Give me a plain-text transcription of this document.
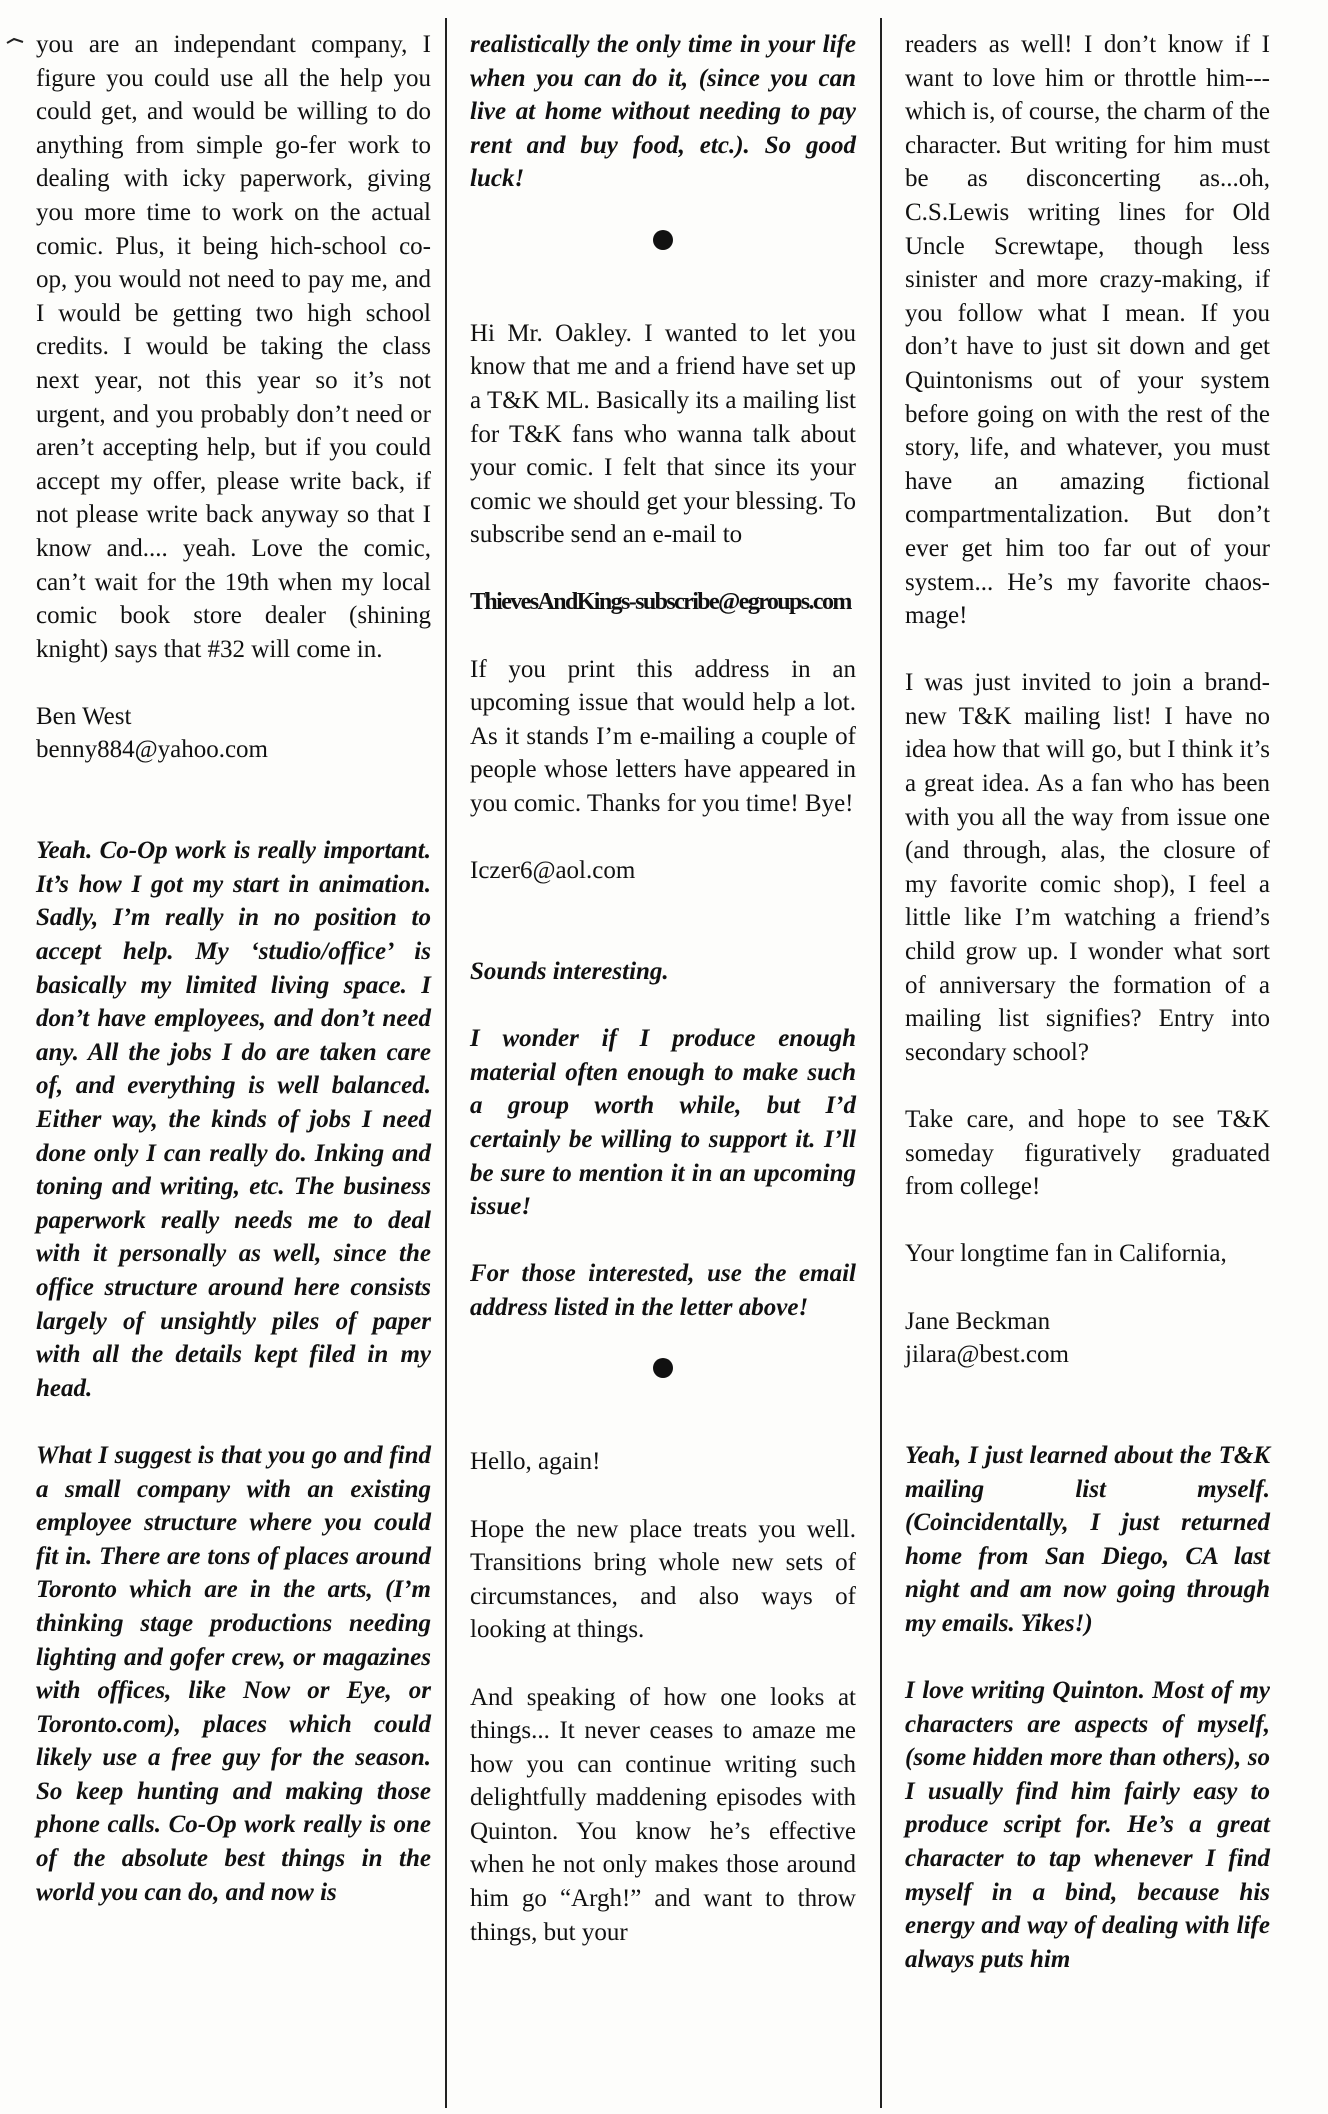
you are an independant company, I figure you could use all the help you could get, and would be willing to do anything from simple go-fer work to dealing with icky paperwork, giving you more time to work on the actual comic. Plus, it being hich-school co-op, you would not need to pay me, and I would be getting two high school credits. I would be taking the class next year, not this year so it’s not urgent, and you probably don’t need or aren’t accepting help, but if you could accept my offer, please write back, if not please write back anyway so that I know and.... yeah. Love the comic, can’t wait for the 19th when my local comic book store dealer (shining knight) says that #32 will come in.

Ben West

benny884@yahoo.com

Yeah. Co-Op work is really important. It’s how I got my start in animation. Sadly, I’m really in no position to accept help. My ‘studio/office’ is basically my limited living space. I don’t have employees, and don’t need any. All the jobs I do are taken care of, and everything is well balanced. Either way, the kinds of jobs I need done only I can really do. Inking and toning and writing, etc. The business paperwork really needs me to deal with it personally as well, since the office structure around here consists largely of unsightly piles of paper with all the details kept filed in my head.

What I suggest is that you go and find a small company with an existing employee structure where you could fit in. There are tons of places around Toronto which are in the arts, (I’m thinking stage productions needing lighting and gofer crew, or magazines with offices, like Now or Eye, or Toronto.com), places which could likely use a free guy for the season. So keep hunting and making those phone calls. Co-Op work really is one of the absolute best things in the world you can do, and now is

realistically the only time in your life when you can do it, (since you can live at home without needing to pay rent and buy food, etc.). So good luck!

Hi Mr. Oakley. I wanted to let you know that me and a friend have set up a T&K ML. Basically its a mailing list for T&K fans who wanna talk about your comic. I felt that since its your comic we should get your blessing. To subscribe send an e-mail to

ThievesAndKings-subscribe@egroups.com

If you print this address in an upcoming issue that would help a lot. As it stands I’m e-mailing a couple of people whose letters have appeared in you comic. Thanks for you time! Bye!

Iczer6@aol.com

Sounds interesting.

I wonder if I produce enough material often enough to make such a group worth while, but I’d certainly be willing to support it. I’ll be sure to mention it in an upcoming issue!

For those interested, use the email address listed in the letter above!

Hello, again!

Hope the new place treats you well. Transitions bring whole new sets of circumstances, and also ways of looking at things.

And speaking of how one looks at things... It never ceases to amaze me how you can continue writing such delightfully maddening episodes with Quinton. You know he’s effective when he not only makes those around him go “Argh!” and want to throw things, but your

readers as well! I don’t know if I want to love him or throttle him---which is, of course, the charm of the character. But writing for him must be as disconcerting as...oh, C.S.Lewis writing lines for Old Uncle Screwtape, though less sinister and more crazy-making, if you follow what I mean. If you don’t have to just sit down and get Quintonisms out of your system before going on with the rest of the story, life, and whatever, you must have an amazing fictional compartmentalization. But don’t ever get him too far out of your system... He’s my favorite chaos-mage!

I was just invited to join a brand-new T&K mailing list! I have no idea how that will go, but I think it’s a great idea. As a fan who has been with you all the way from issue one (and through, alas, the closure of my favorite comic shop), I feel a little like I’m watching a friend’s child grow up. I wonder what sort of anniversary the formation of a mailing list signifies? Entry into secondary school?

Take care, and hope to see T&K someday figuratively graduated from college!

Your longtime fan in California,

Jane Beckman

jilara@best.com

Yeah, I just learned about the T&K mailing list myself. (Coincidentally, I just returned home from San Diego, CA last night and am now going through my emails. Yikes!)

I love writing Quinton. Most of my characters are aspects of myself, (some hidden more than others), so I usually find him fairly easy to produce script for. He’s a great character to tap whenever I find myself in a bind, because his energy and way of dealing with life always puts him
